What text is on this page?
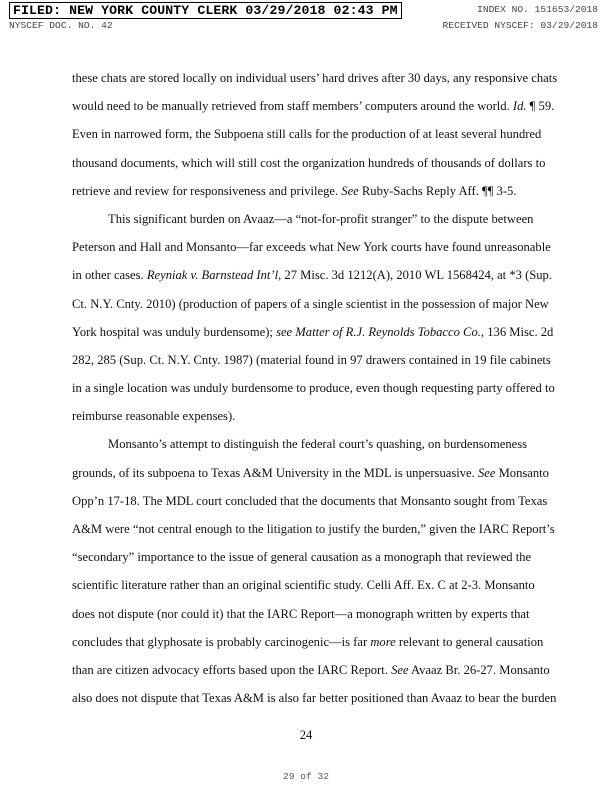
FILED: NEW YORK COUNTY CLERK 03/29/2018 02:43 PM	INDEX NO. 151653/2018
NYSCEF DOC. NO. 42	RECEIVED NYSCEF: 03/29/2018
these chats are stored locally on individual users’ hard drives after 30 days, any responsive chats
would need to be manually retrieved from staff members’ computers around the world. Id. ¶ 59.
Even in narrowed form, the Subpoena still calls for the production of at least several hundred
thousand documents, which will still cost the organization hundreds of thousands of dollars to
retrieve and review for responsiveness and privilege. See Ruby-Sachs Reply Aff. ¶¶ 3-5.
This significant burden on Avaaz—a “not-for-profit stranger” to the dispute between
Peterson and Hall and Monsanto—far exceeds what New York courts have found unreasonable
in other cases. Reyniak v. Barnstead Int’l, 27 Misc. 3d 1212(A), 2010 WL 1568424, at *3 (Sup.
Ct. N.Y. Cnty. 2010) (production of papers of a single scientist in the possession of major New
York hospital was unduly burdensome); see Matter of R.J. Reynolds Tobacco Co., 136 Misc. 2d
282, 285 (Sup. Ct. N.Y. Cnty. 1987) (material found in 97 drawers contained in 19 file cabinets
in a single location was unduly burdensome to produce, even though requesting party offered to
reimburse reasonable expenses).
Monsanto’s attempt to distinguish the federal court’s quashing, on burdensomeness
grounds, of its subpoena to Texas A&M University in the MDL is unpersuasive. See Monsanto
Opp’n 17-18. The MDL court concluded that the documents that Monsanto sought from Texas
A&M were “not central enough to the litigation to justify the burden,” given the IARC Report’s
“secondary” importance to the issue of general causation as a monograph that reviewed the
scientific literature rather than an original scientific study. Celli Aff. Ex. C at 2-3. Monsanto
does not dispute (nor could it) that the IARC Report—a monograph written by experts that
concludes that glyphosate is probably carcinogenic—is far more relevant to general causation
than are citizen advocacy efforts based upon the IARC Report. See Avaaz Br. 26-27. Monsanto
also does not dispute that Texas A&M is also far better positioned than Avaaz to bear the burden
24
29 of 32
